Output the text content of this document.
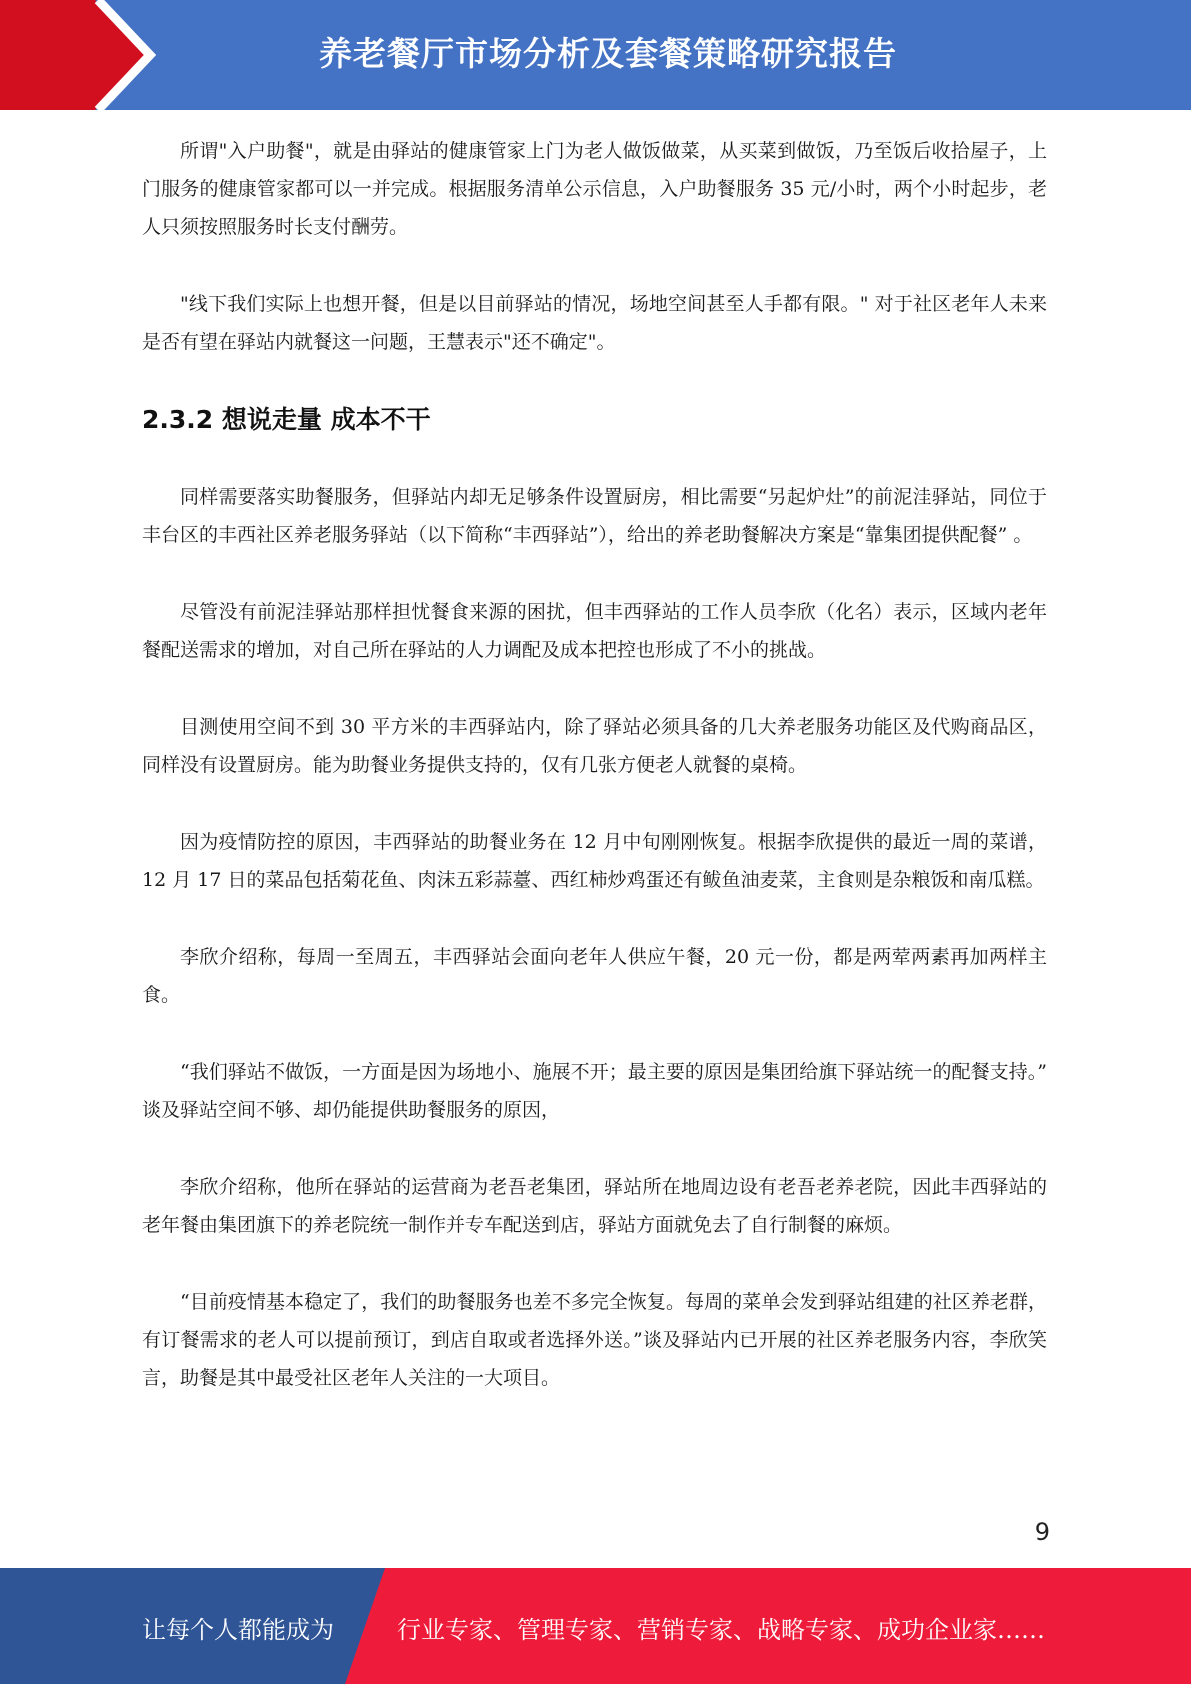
养老餐厅市场分析及套餐策略研究报告

所谓"入户助餐"，就是由驿站的健康管家上门为老人做饭做菜，从买菜到做饭，乃至饭后收拾屋子，上门服务的健康管家都可以一并完成。根据服务清单公示信息，入户助餐服务 35 元/小时，两个小时起步，老人只须按照服务时长支付酬劳。

"线下我们实际上也想开餐，但是以目前驿站的情况，场地空间甚至人手都有限。" 对于社区老年人未来是否有望在驿站内就餐这一问题，王慧表示"还不确定"。

2.3.2 想说走量 成本不干

同样需要落实助餐服务，但驿站内却无足够条件设置厨房，相比需要“另起炉灶”的前泥洼驿站，同位于丰台区的丰西社区养老服务驿站（以下简称“丰西驿站”），给出的养老助餐解决方案是“靠集团提供配餐” 。

尽管没有前泥洼驿站那样担忧餐食来源的困扰，但丰西驿站的工作人员李欣（化名）表示，区域内老年餐配送需求的增加，对自己所在驿站的人力调配及成本把控也形成了不小的挑战。

目测使用空间不到 30 平方米的丰西驿站内，除了驿站必须具备的几大养老服务功能区及代购商品区，同样没有设置厨房。能为助餐业务提供支持的，仅有几张方便老人就餐的桌椅。

因为疫情防控的原因，丰西驿站的助餐业务在 12 月中旬刚刚恢复。根据李欣提供的最近一周的菜谱，12 月 17 日的菜品包括菊花鱼、肉沫五彩蒜薹、西红柿炒鸡蛋还有鲅鱼油麦菜，主食则是杂粮饭和南瓜糕。

李欣介绍称，每周一至周五，丰西驿站会面向老年人供应午餐，20 元一份，都是两荤两素再加两样主食。

“我们驿站不做饭，一方面是因为场地小、施展不开；最主要的原因是集团给旗下驿站统一的配餐支持。” 谈及驿站空间不够、却仍能提供助餐服务的原因，

李欣介绍称，他所在驿站的运营商为老吾老集团，驿站所在地周边设有老吾老养老院，因此丰西驿站的老年餐由集团旗下的养老院统一制作并专车配送到店，驿站方面就免去了自行制餐的麻烦。

“目前疫情基本稳定了，我们的助餐服务也差不多完全恢复。每周的菜单会发到驿站组建的社区养老群，有订餐需求的老人可以提前预订，到店自取或者选择外送。”谈及驿站内已开展的社区养老服务内容，李欣笑言，助餐是其中最受社区老年人关注的一大项目。

9
让每个人都能成为	行业专家、管理专家、营销专家、战略专家、成功企业家……
